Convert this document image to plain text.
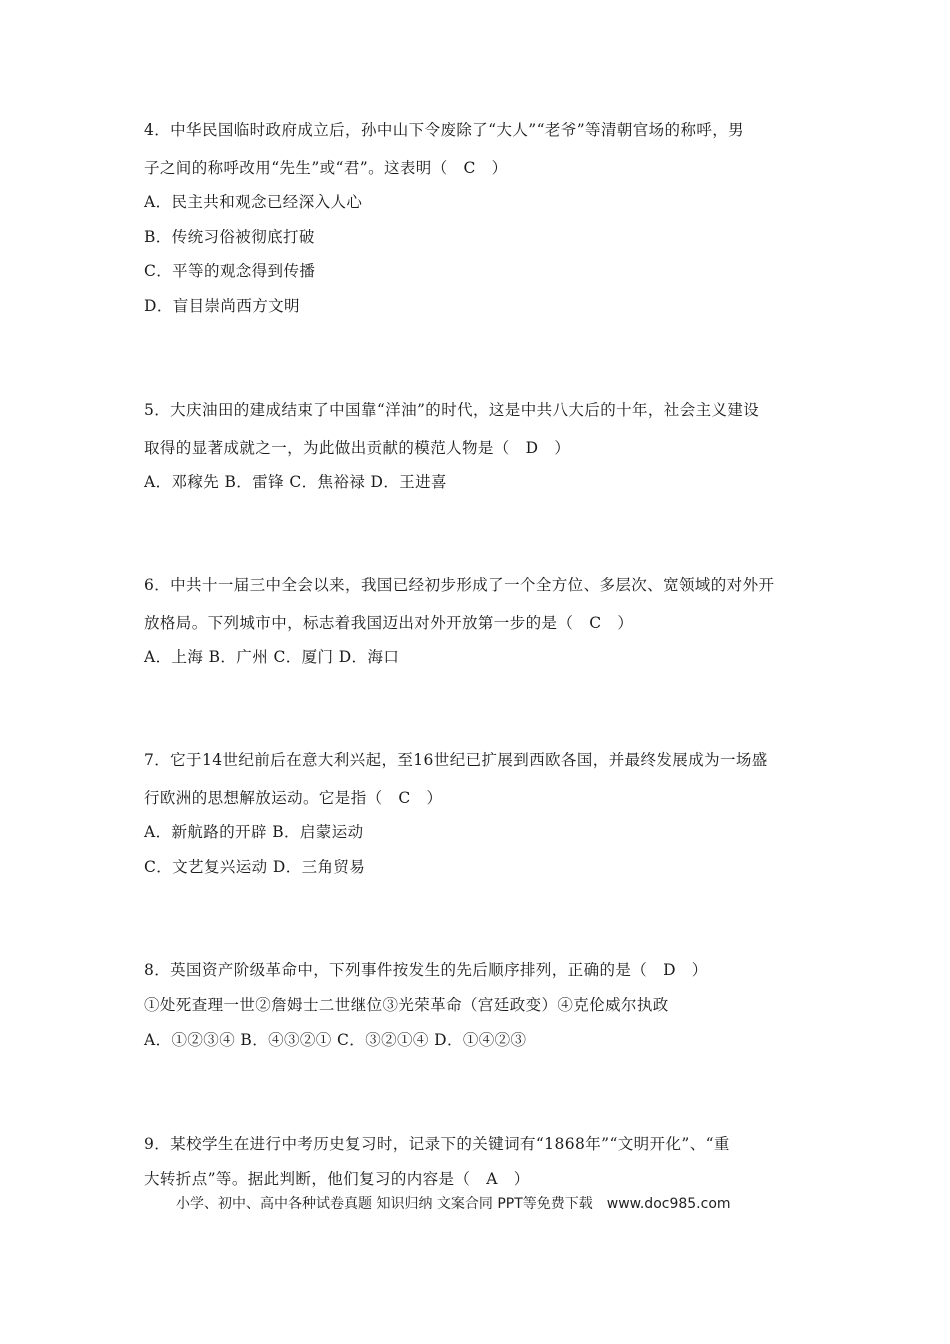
4．中华民国临时政府成立后，孙中山下令废除了“大人”“老爷”等清朝官场的称呼，男
子之间的称呼改用“先生”或“君”。这表明（　C　）
A．民主共和观念已经深入人心
B．传统习俗被彻底打破
C．平等的观念得到传播
D．盲目崇尚西方文明
5．大庆油田的建成结束了中国靠“洋油”的时代，这是中共八大后的十年，社会主义建设
取得的显著成就之一，为此做出贡献的模范人物是（　D　）
A．邓稼先 B．雷锋 C．焦裕禄 D．王进喜
6．中共十一届三中全会以来，我国已经初步形成了一个全方位、多层次、宽领域的对外开
放格局。下列城市中，标志着我国迈出对外开放第一步的是（　C　）
A．上海 B．广州 C．厦门 D．海口
7．它于14世纪前后在意大利兴起，至16世纪已扩展到西欧各国，并最终发展成为一场盛
行欧洲的思想解放运动。它是指（　C　）
A．新航路的开辟 B．启蒙运动
C．文艺复兴运动 D．三角贸易
8．英国资产阶级革命中，下列事件按发生的先后顺序排列，正确的是（　D　）
①处死查理一世②詹姆士二世继位③光荣革命（宫廷政变）④克伦威尔执政
A．①②③④ B．④③②① C．③②①④ D．①④②③
9．某校学生在进行中考历史复习时，记录下的关键词有“1868年”“文明开化”、“重
大转折点”等。据此判断，他们复习的内容是（　A　）
小学、初中、高中各种试卷真题 知识归纳 文案合同 PPT等免费下载　www.doc985.com
